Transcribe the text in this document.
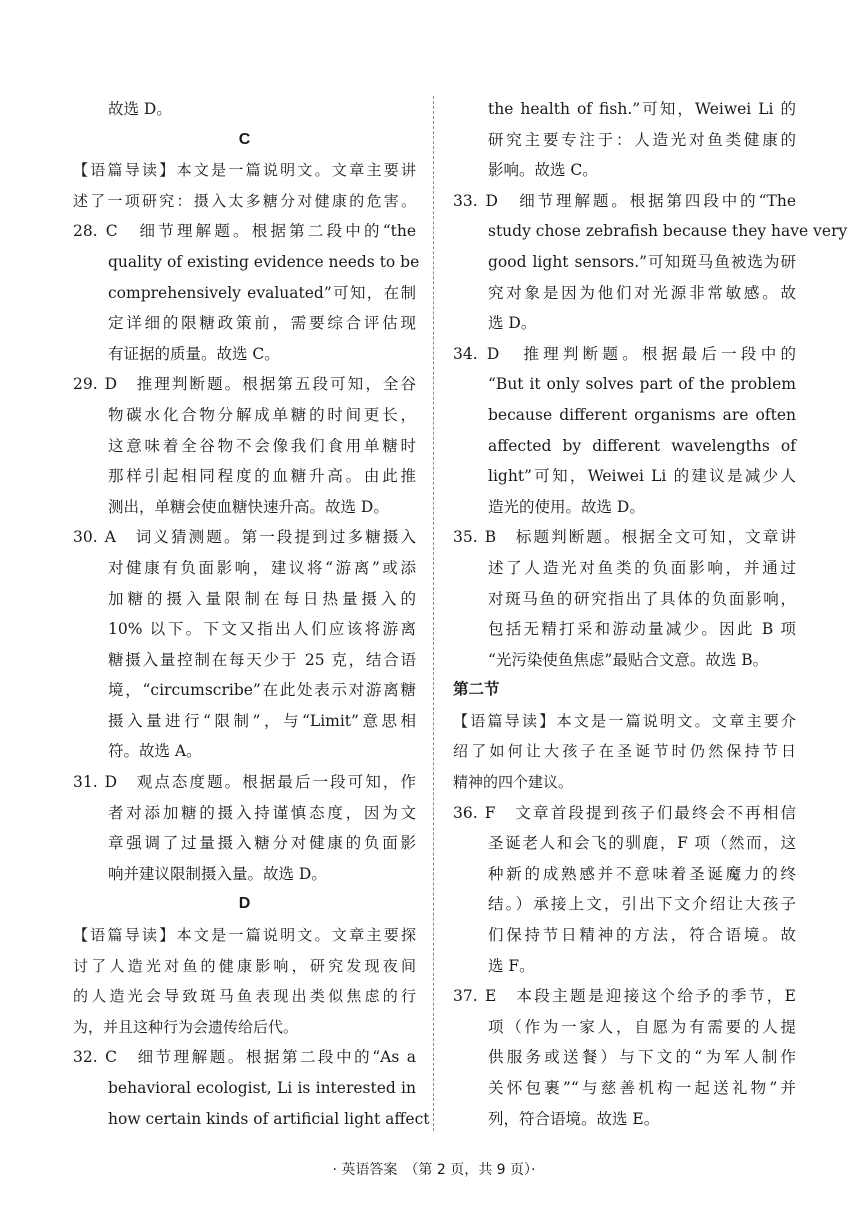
故选 D。
C
【语篇导读】本文是一篇说明文。文章主要讲
述了一项研究：摄入太多糖分对健康的危害。
28. C　细节理解题。根据第二段中的“the
quality of existing evidence needs to be
comprehensively evaluated”可知，在制
定详细的限糖政策前，需要综合评估现
有证据的质量。故选 C。
29. D　推理判断题。根据第五段可知，全谷
物碳水化合物分解成单糖的时间更长，
这意味着全谷物不会像我们食用单糖时
那样引起相同程度的血糖升高。由此推
测出，单糖会使血糖快速升高。故选 D。
30. A　词义猜测题。第一段提到过多糖摄入
对健康有负面影响，建议将“游离”或添
加糖的摄入量限制在每日热量摄入的
10% 以下。下文又指出人们应该将游离
糖摄入量控制在每天少于 25 克，结合语
境，“circumscribe”在此处表示对游离糖
摄入量进行“限制”，与“Limit”意思相
符。故选 A。
31. D　观点态度题。根据最后一段可知，作
者对添加糖的摄入持谨慎态度，因为文
章强调了过量摄入糖分对健康的负面影
响并建议限制摄入量。故选 D。
D
【语篇导读】本文是一篇说明文。文章主要探
讨了人造光对鱼的健康影响，研究发现夜间
的人造光会导致斑马鱼表现出类似焦虑的行
为，并且这种行为会遗传给后代。
32. C　细节理解题。根据第二段中的“As a
behavioral ecologist, Li is interested in
how certain kinds of artificial light affect
the health of fish.”可知，Weiwei Li 的
研究主要专注于：人造光对鱼类健康的
影响。故选 C。
33. D　细节理解题。根据第四段中的“The
study chose zebrafish because they have very
good light sensors.”可知斑马鱼被选为研
究对象是因为他们对光源非常敏感。故
选 D。
34. D　推理判断题。根据最后一段中的
“But it only solves part of the problem
because different organisms are often
affected by different wavelengths of
light”可知，Weiwei Li 的建议是减少人
造光的使用。故选 D。
35. B　标题判断题。根据全文可知，文章讲
述了人造光对鱼类的负面影响，并通过
对斑马鱼的研究指出了具体的负面影响，
包括无精打采和游动量减少。因此 B 项
“光污染使鱼焦虑”最贴合文意。故选 B。
第二节
【语篇导读】本文是一篇说明文。文章主要介
绍了如何让大孩子在圣诞节时仍然保持节日
精神的四个建议。
36. F　文章首段提到孩子们最终会不再相信
圣诞老人和会飞的驯鹿，F 项（然而，这
种新的成熟感并不意味着圣诞魔力的终
结。）承接上文，引出下文介绍让大孩子
们保持节日精神的方法，符合语境。故
选 F。
37. E　本段主题是迎接这个给予的季节，E
项（作为一家人，自愿为有需要的人提
供服务或送餐）与下文的“为军人制作
关怀包裹”“与慈善机构一起送礼物”并
列，符合语境。故选 E。
· 英语答案　（第 2 页，共 9 页）·
